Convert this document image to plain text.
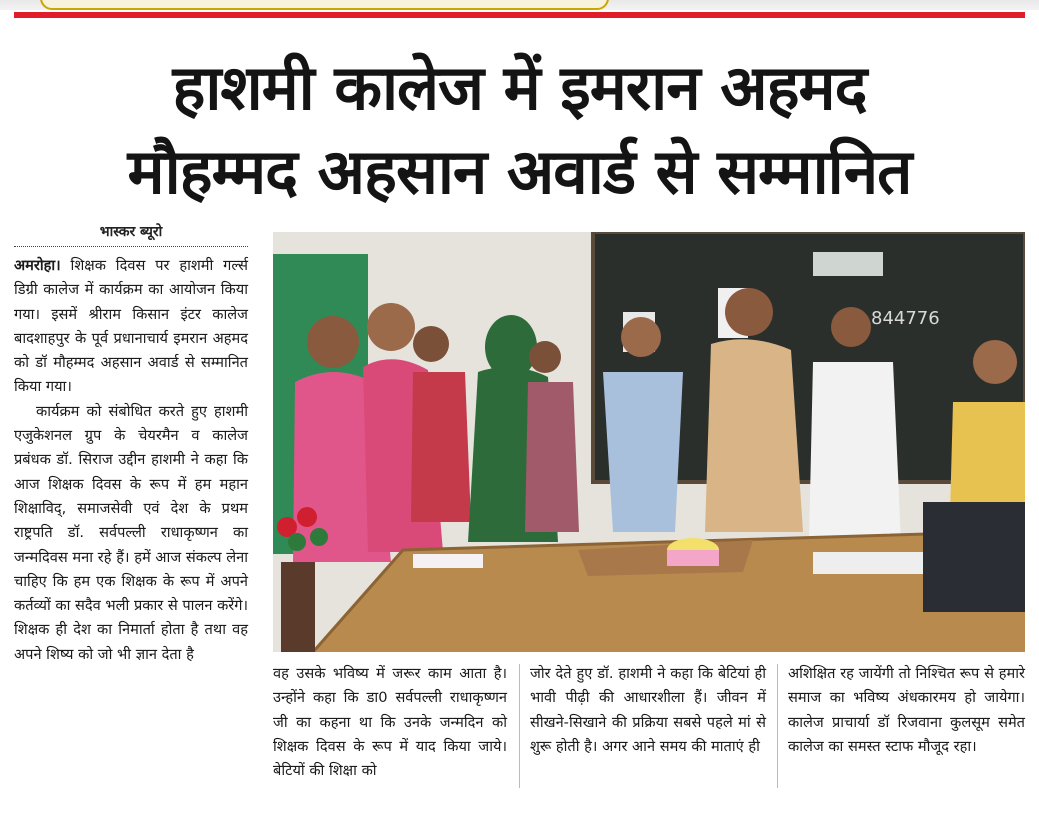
हाशमी कालेज में इमरान अहमद
मौहम्मद अहसान अवार्ड से सम्मानित
भास्कर ब्यूरो

अमरोहा। शिक्षक दिवस पर हाशमी गर्ल्स डिग्री कालेज में कार्यक्रम का आयोजन किया गया। इसमें श्रीराम किसान इंटर कालेज बादशाहपुर के पूर्व प्रधानाचार्य इमरान अहमद को डॉ मौहम्मद अहसान अवार्ड से सम्मानित किया गया।

कार्यक्रम को संबोधित करते हुए हाशमी एजुकेशनल ग्रुप के चेयरमैन व कालेज प्रबंधक डॉ. सिराज उद्दीन हाशमी ने कहा कि आज शिक्षक दिवस के रूप में हम महान शिक्षाविद्, समाजसेवी एवं देश के प्रथम राष्ट्रपति डॉ. सर्वपल्ली राधाकृष्णन का जन्मदिवस मना रहे हैं। हमें आज संकल्प लेना चाहिए कि हम एक शिक्षक के रूप में अपने कर्तव्यों का सदैव भली प्रकार से पालन करेंगे। शिक्षक ही देश का निमार्ता होता है तथा वह अपने शिष्य को जो भी ज्ञान देता है

844776
वह उसके भविष्य में जरूर काम आता है। उन्होंने कहा कि डा0 सर्वपल्ली राधाकृष्णन जी का कहना था कि उनके जन्मदिन को शिक्षक दिवस के रूप में याद किया जाये। बेटियों की शिक्षा को
जोर देते हुए डॉ. हाशमी ने कहा कि बेटियां ही भावी पीढ़ी की आधारशीला हैं। जीवन में सीखने-सिखाने की प्रक्रिया सबसे पहले मां से शुरू होती है। अगर आने समय की माताएं ही
अशिक्षित रह जायेंगी तो निश्चित रूप से हमारे समाज का भविष्य अंधकारमय हो जायेगा। कालेज प्राचार्या डॉ रिजवाना कुलसूम समेत कालेज का समस्त स्टाफ मौजूद रहा।
